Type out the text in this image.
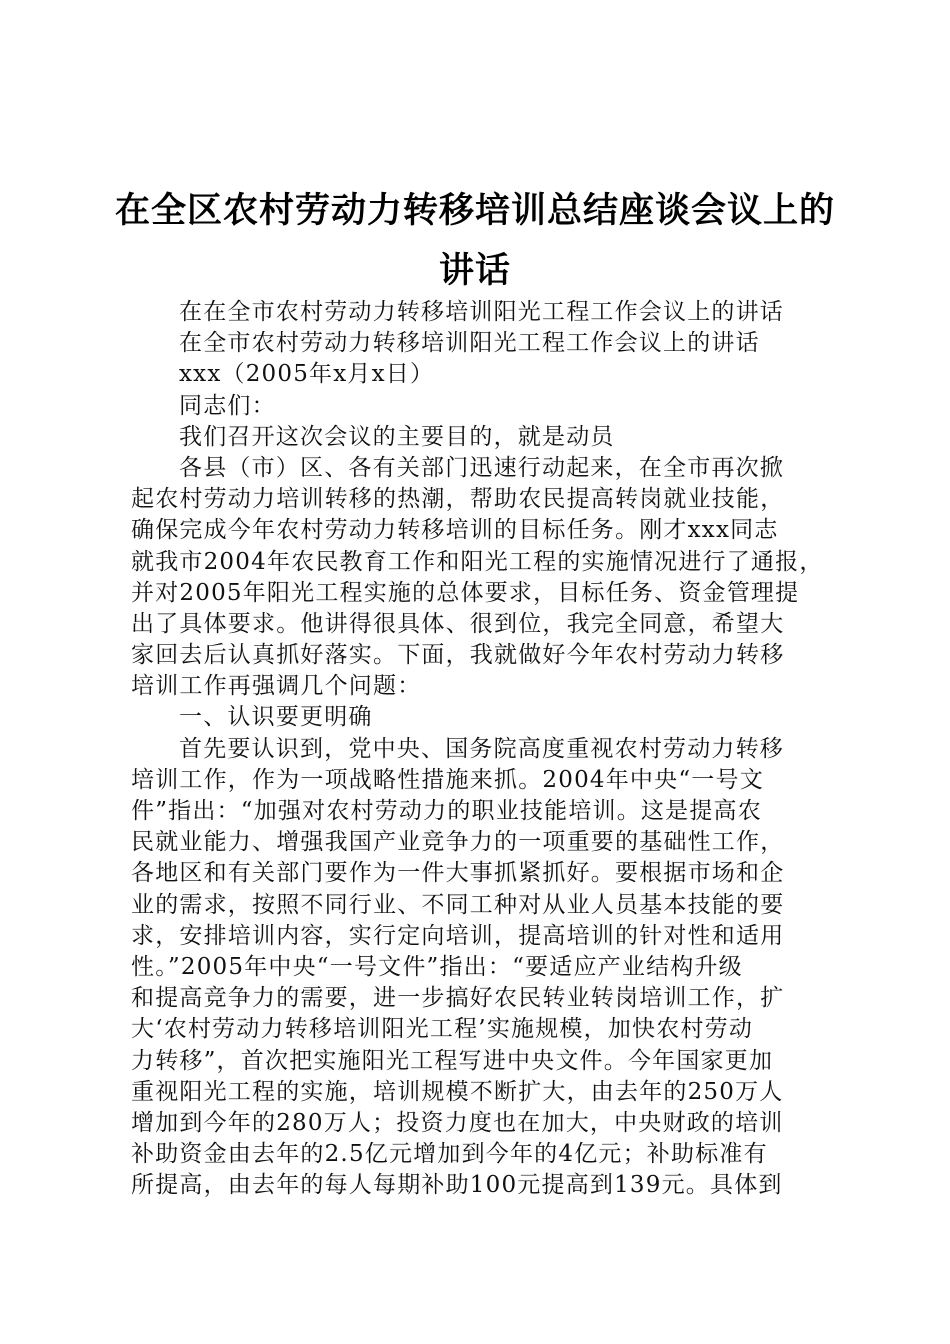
在全区农村劳动力转移培训总结座谈会议上的
讲话
在在全市农村劳动力转移培训阳光工程工作会议上的讲话
在全市农村劳动力转移培训阳光工程工作会议上的讲话
xxx（2005年x月x日）
同志们：
我们召开这次会议的主要目的，就是动员
各县（市）区、各有关部门迅速行动起来，在全市再次掀
起农村劳动力培训转移的热潮，帮助农民提高转岗就业技能，
确保完成今年农村劳动力转移培训的目标任务。刚才xxx同志
就我市2004年农民教育工作和阳光工程的实施情况进行了通报，
并对2005年阳光工程实施的总体要求，目标任务、资金管理提
出了具体要求。他讲得很具体、很到位，我完全同意，希望大
家回去后认真抓好落实。下面，我就做好今年农村劳动力转移
培训工作再强调几个问题：
一、认识要更明确
首先要认识到，党中央、国务院高度重视农村劳动力转移
培训工作，作为一项战略性措施来抓。2004年中央“一号文
件”指出：“加强对农村劳动力的职业技能培训。这是提高农
民就业能力、增强我国产业竞争力的一项重要的基础性工作，
各地区和有关部门要作为一件大事抓紧抓好。要根据市场和企
业的需求，按照不同行业、不同工种对从业人员基本技能的要
求，安排培训内容，实行定向培训，提高培训的针对性和适用
性。”2005年中央“一号文件”指出：“要适应产业结构升级
和提高竞争力的需要，进一步搞好农民转业转岗培训工作，扩
大‘农村劳动力转移培训阳光工程’实施规模，加快农村劳动
力转移”，首次把实施阳光工程写进中央文件。今年国家更加
重视阳光工程的实施，培训规模不断扩大，由去年的250万人
增加到今年的280万人；投资力度也在加大，中央财政的培训
补助资金由去年的2.5亿元增加到今年的4亿元；补助标准有
所提高，由去年的每人每期补助100元提高到139元。具体到
